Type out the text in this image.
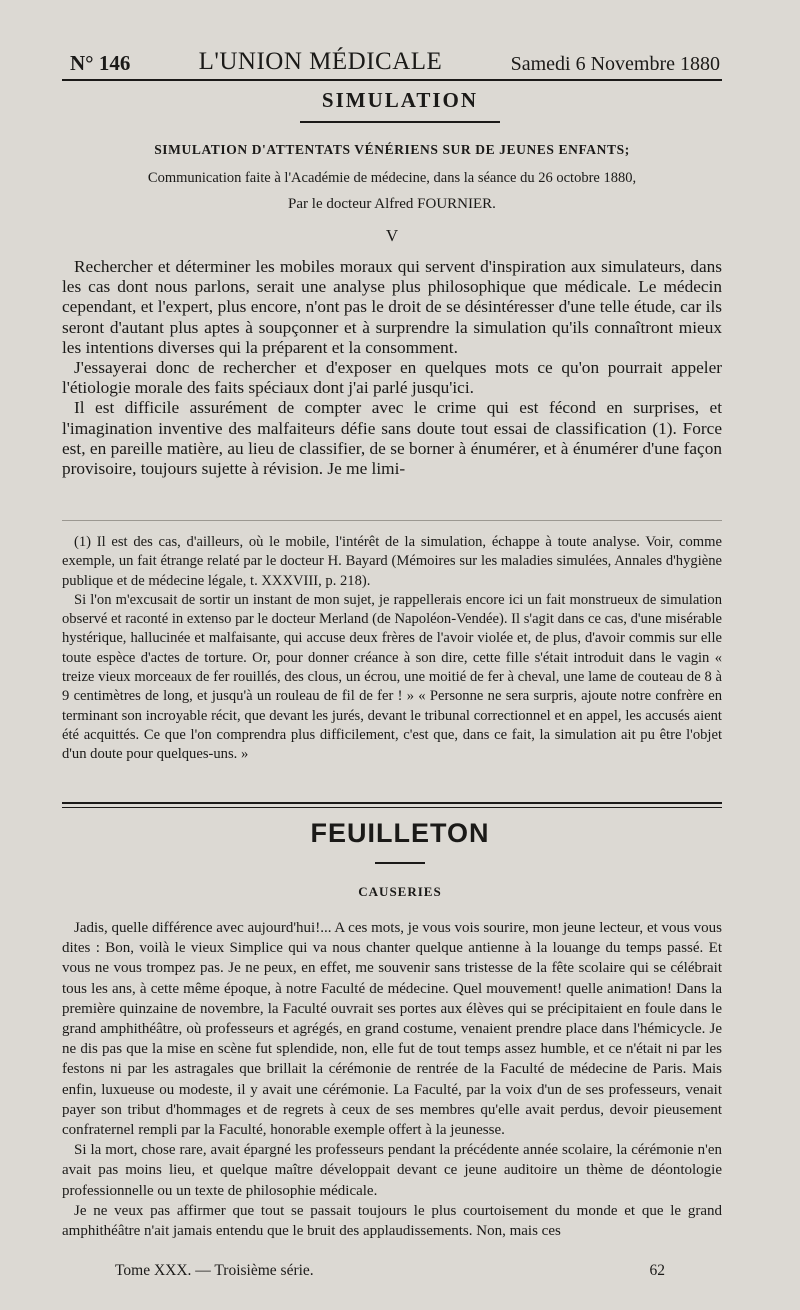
N° 146	L'UNION MÉDICALE	Samedi 6 Novembre 1880
SIMULATION
SIMULATION D'ATTENTATS VÉNÉRIENS SUR DE JEUNES ENFANTS;
Communication faite à l'Académie de médecine, dans la séance du 26 octobre 1880,
Par le docteur Alfred FOURNIER.
V

Rechercher et déterminer les mobiles moraux qui servent d'inspiration aux simulateurs, dans les cas dont nous parlons, serait une analyse plus philosophique que médicale. Le médecin cependant, et l'expert, plus encore, n'ont pas le droit de se désintéresser d'une telle étude, car ils seront d'autant plus aptes à soupçonner et à surprendre la simulation qu'ils connaîtront mieux les intentions diverses qui la préparent et la consomment.

J'essayerai donc de rechercher et d'exposer en quelques mots ce qu'on pourrait appeler l'étiologie morale des faits spéciaux dont j'ai parlé jusqu'ici.

Il est difficile assurément de compter avec le crime qui est fécond en surprises, et l'imagination inventive des malfaiteurs défie sans doute tout essai de classification (1). Force est, en pareille matière, au lieu de classifier, de se borner à énumérer, et à énumérer d'une façon provisoire, toujours sujette à révision. Je me limi-

(1) Il est des cas, d'ailleurs, où le mobile, l'intérêt de la simulation, échappe à toute analyse. Voir, comme exemple, un fait étrange relaté par le docteur H. Bayard (Mémoires sur les maladies simulées, Annales d'hygiène publique et de médecine légale, t. XXXVIII, p. 218).

Si l'on m'excusait de sortir un instant de mon sujet, je rappellerais encore ici un fait monstrueux de simulation observé et raconté in extenso par le docteur Merland (de Napoléon-Vendée). Il s'agit dans ce cas, d'une misérable hystérique, hallucinée et malfaisante, qui accuse deux frères de l'avoir violée et, de plus, d'avoir commis sur elle toute espèce d'actes de torture. Or, pour donner créance à son dire, cette fille s'était introduit dans le vagin « treize vieux morceaux de fer rouillés, des clous, un écrou, une moitié de fer à cheval, une lame de couteau de 8 à 9 centimètres de long, et jusqu'à un rouleau de fil de fer ! » « Personne ne sera surpris, ajoute notre confrère en terminant son incroyable récit, que devant les jurés, devant le tribunal correctionnel et en appel, les accusés aient été acquittés. Ce que l'on comprendra plus difficilement, c'est que, dans ce fait, la simulation ait pu être l'objet d'un doute pour quelques-uns. »

FEUILLETON
CAUSERIES

Jadis, quelle différence avec aujourd'hui!... A ces mots, je vous vois sourire, mon jeune lecteur, et vous vous dites : Bon, voilà le vieux Simplice qui va nous chanter quelque antienne à la louange du temps passé. Et vous ne vous trompez pas. Je ne peux, en effet, me souvenir sans tristesse de la fête scolaire qui se célébrait tous les ans, à cette même époque, à notre Faculté de médecine. Quel mouvement! quelle animation! Dans la première quinzaine de novembre, la Faculté ouvrait ses portes aux élèves qui se précipitaient en foule dans le grand amphithéâtre, où professeurs et agrégés, en grand costume, venaient prendre place dans l'hémicycle. Je ne dis pas que la mise en scène fut splendide, non, elle fut de tout temps assez humble, et ce n'était ni par les festons ni par les astragales que brillait la cérémonie de rentrée de la Faculté de médecine de Paris. Mais enfin, luxueuse ou modeste, il y avait une cérémonie. La Faculté, par la voix d'un de ses professeurs, venait payer son tribut d'hommages et de regrets à ceux de ses membres qu'elle avait perdus, devoir pieusement confraternel rempli par la Faculté, honorable exemple offert à la jeunesse.

Si la mort, chose rare, avait épargné les professeurs pendant la précédente année scolaire, la cérémonie n'en avait pas moins lieu, et quelque maître développait devant ce jeune auditoire un thème de déontologie professionnelle ou un texte de philosophie médicale.

Je ne veux pas affirmer que tout se passait toujours le plus courtoisement du monde et que le grand amphithéâtre n'ait jamais entendu que le bruit des applaudissements. Non, mais ces

Tome XXX. — Troisième série.	62
